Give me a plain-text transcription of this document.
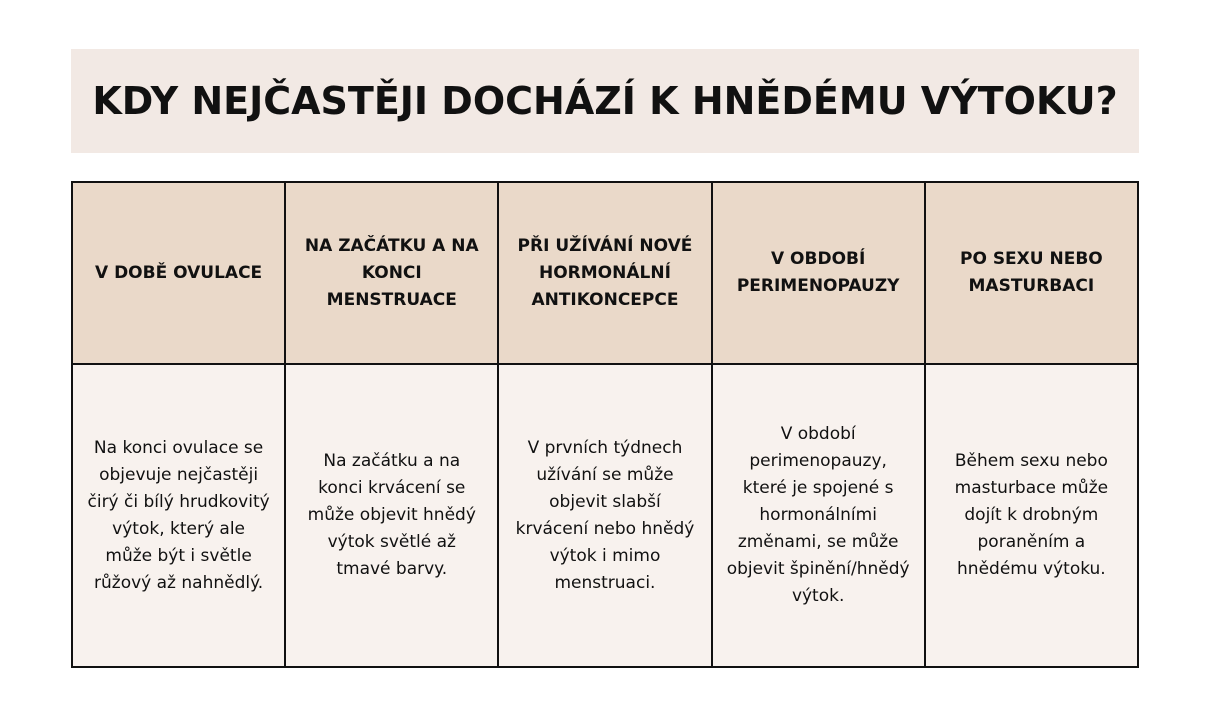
KDY NEJČASTĚJI DOCHÁZÍ K HNĚDÉMU VÝTOKU?
V DOBĚ OVULACE	NA ZAČÁTKU A NA KONCI MENSTRUACE	PŘI UŽÍVÁNÍ NOVÉ HORMONÁLNÍ ANTIKONCEPCE	V OBDOBÍ PERIMENOPAUZY	PO SEXU NEBO MASTURBACI
Na konci ovulace se objevuje nejčastěji čirý či bílý hrudkovitý výtok, který ale může být i světle růžový až nahnědlý.	Na začátku a na konci krvácení se může objevit hnědý výtok světlé až tmavé barvy.	V prvních týdnech užívání se může objevit slabší krvácení nebo hnědý výtok i mimo menstruaci.	V období perimenopauzy, které je spojené s hormonálními změnami, se může objevit špinění/hnědý výtok.	Během sexu nebo masturbace může dojít k drobným poraněním a hnědému výtoku.
